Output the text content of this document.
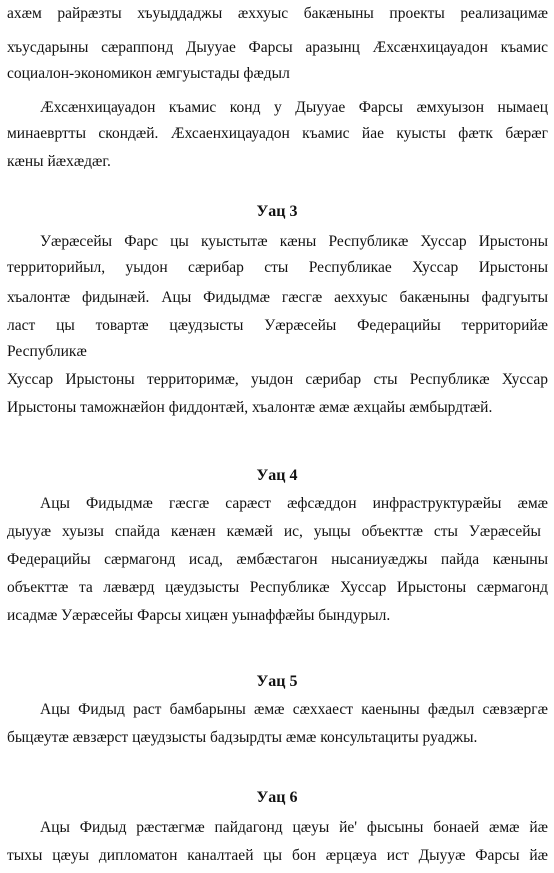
ахæм райрæзты хъуыддаджы æххуыс бакæныны проекты реализацимæ
хъусдарыны сæраппонд Дыууае Фарсы аразынц Æхсæнхицауадон къамис
социалон-экономикон æмгуыстады фæдыл
Æхсæнхицауадон къамис конд у Дыууае Фарсы æмхуызон нымаец
минаевртты скондæй. Æхсаенхицауадон къамис йае куысты фæтк бæрæг
кæны йæхæдæг.
Уац 3
Уæрæсейы Фарс цы куыстытæ кæны Республикæ Хуссар Ирыстоны
территорийыл, уыдон сæрибар сты Республикае Хуссар Ирыстоны
хъалонтæ фидынæй. Ацы Фидыдмæ гæсгæ аеххуыс бакæныны фадгуыты
ласт цы товартæ цæудзысты Уæрæсейы Федерацийы территорийæ
Республикæ
Хуссар Ирыстоны территоримæ, уыдон сæрибар сты Республикæ Хуссар
Ирыстоны таможнæйон фиддонтæй, хъалонтæ æмæ æхцайы æмбырдтæй.
Уац 4
Ацы Фидыдмæ гæсгæ сарæст æфсæддон инфраструктурæйы æмæ
дыууæ хуызы спайда кæнæн кæмæй ис, уыцы объекттæ сты Уæрæсейы
Федерацийы сæрмагонд исад, æмбæстагон нысаниуæджы пайда кæныны
объекттæ та лæвæрд цæудзысты Республикæ Хуссар Ирыстоны сæрмагонд
исадмæ Уæрæсейы Фарсы хицæн уынаффæйы бындурыл.
Уац 5
Ацы Фидыд раст бамбарыны æмæ сæххаест каеныны фæдыл сæвзæргæ
быцæутæ æвзæрст цæудзысты бадзырдты æмæ консультациты руаджы.
Уац 6
Ацы Фидыд рæстæгмæ пайдагонд цæуы йе' фысыны бонаей æмæ йæ
тыхы цæуы дипломатон каналтаей цы бон æрцæуа ист Дыууæ Фарсы йæ
